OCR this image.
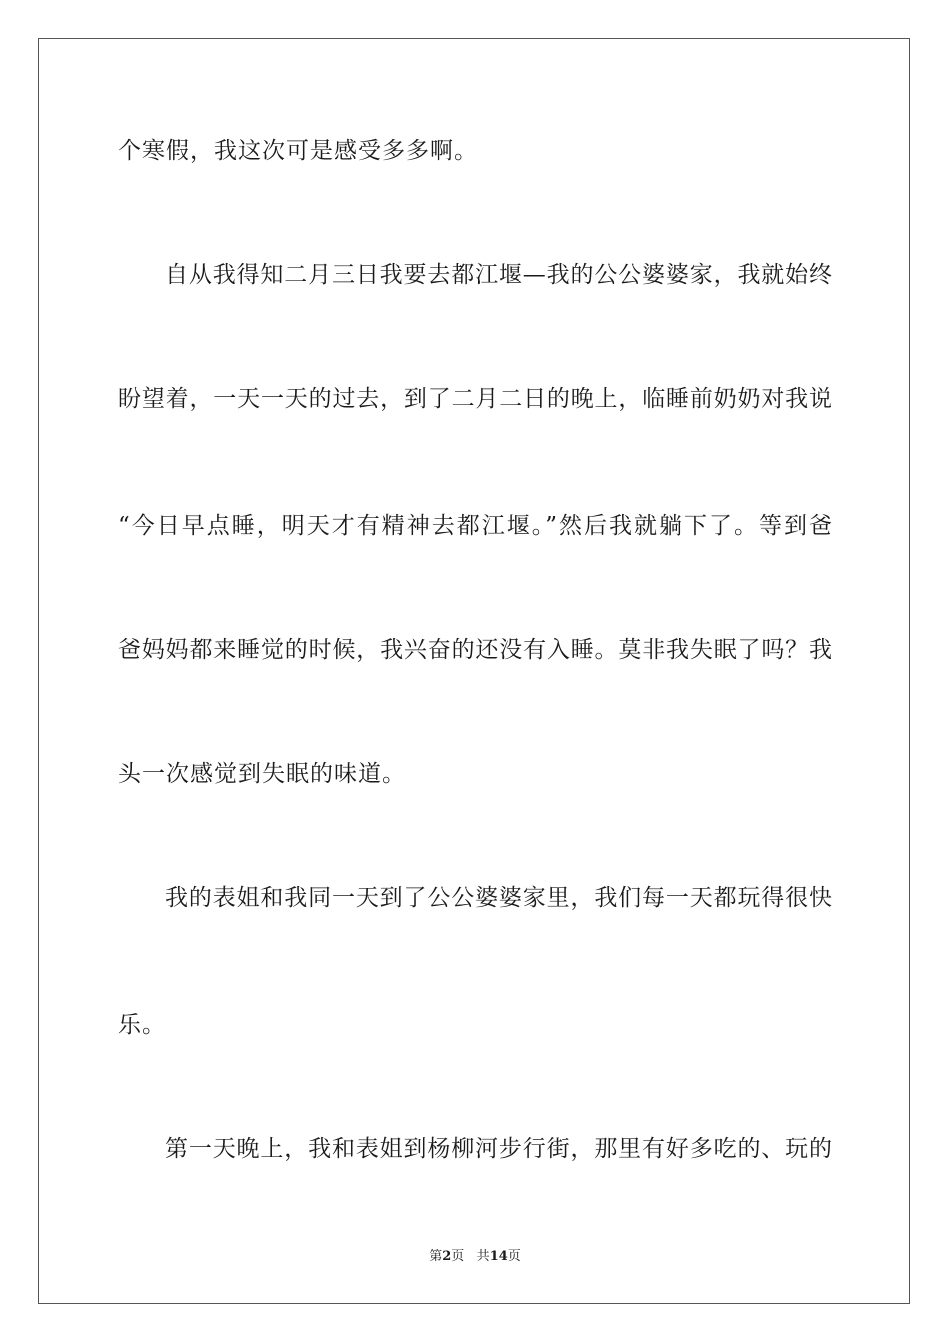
个寒假，我这次可是感受多多啊。
自从我得知二月三日我要去都江堰—我的公公婆婆家，我就始终
盼望着，一天一天的过去，到了二月二日的晚上，临睡前奶奶对我说
“今日早点睡，明天才有精神去都江堰。”然后我就躺下了。等到爸
爸妈妈都来睡觉的时候，我兴奋的还没有入睡。莫非我失眠了吗？我
头一次感觉到失眠的味道。
我的表姐和我同一天到了公公婆婆家里，我们每一天都玩得很快
乐。
第一天晚上，我和表姐到杨柳河步行街，那里有好多吃的、玩的
第2页 共14页
